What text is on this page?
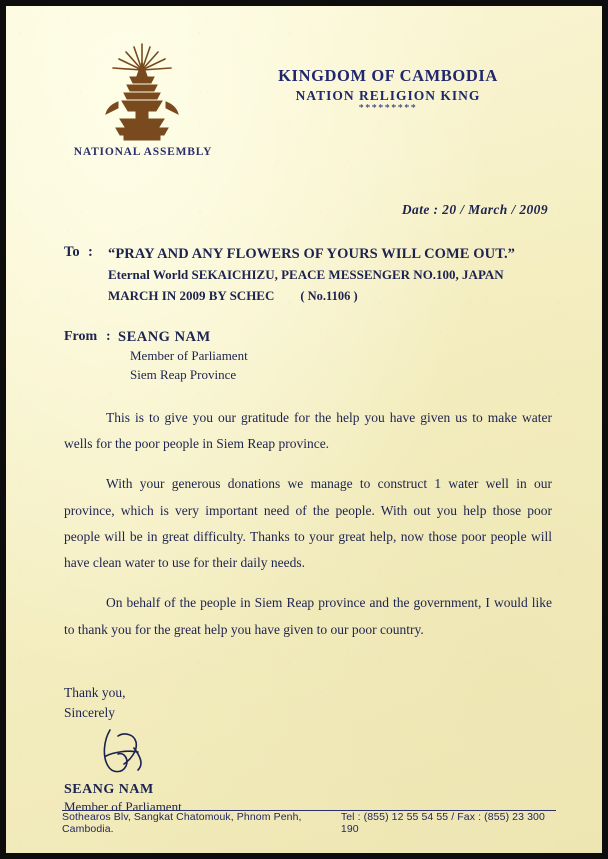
NATIONAL ASSEMBLY
KINGDOM OF CAMBODIA
NATION RELIGION KING
*********
Date : 20 / March / 2009
To :	“PRAY AND ANY FLOWERS OF YOURS WILL COME OUT.”
Eternal World SEKAICHIZU, PEACE MESSENGER NO.100, JAPAN
MARCH IN 2009 BY SCHEC ( No.1106 )
From : SEANG NAM
Member of Parliament
Siem Reap Province

This is to give you our gratitude for the help you have given us to make water wells for the poor people in Siem Reap province.

With your generous donations we manage to construct 1 water well in our province, which is very important need of the people. With out you help those poor people will be in great difficulty. Thanks to your great help, now those poor people will have clean water to use for their daily needs.

On behalf of the people in Siem Reap province and the government, I would like to thank you for the great help you have given to our poor country.

Thank you,
Sincerely
SEANG NAM
Member of Parliament
Sothearos Blv, Sangkat Chatomouk, Phnom Penh, Cambodia.
Tel : (855) 12 55 54 55 / Fax : (855) 23 300 190
